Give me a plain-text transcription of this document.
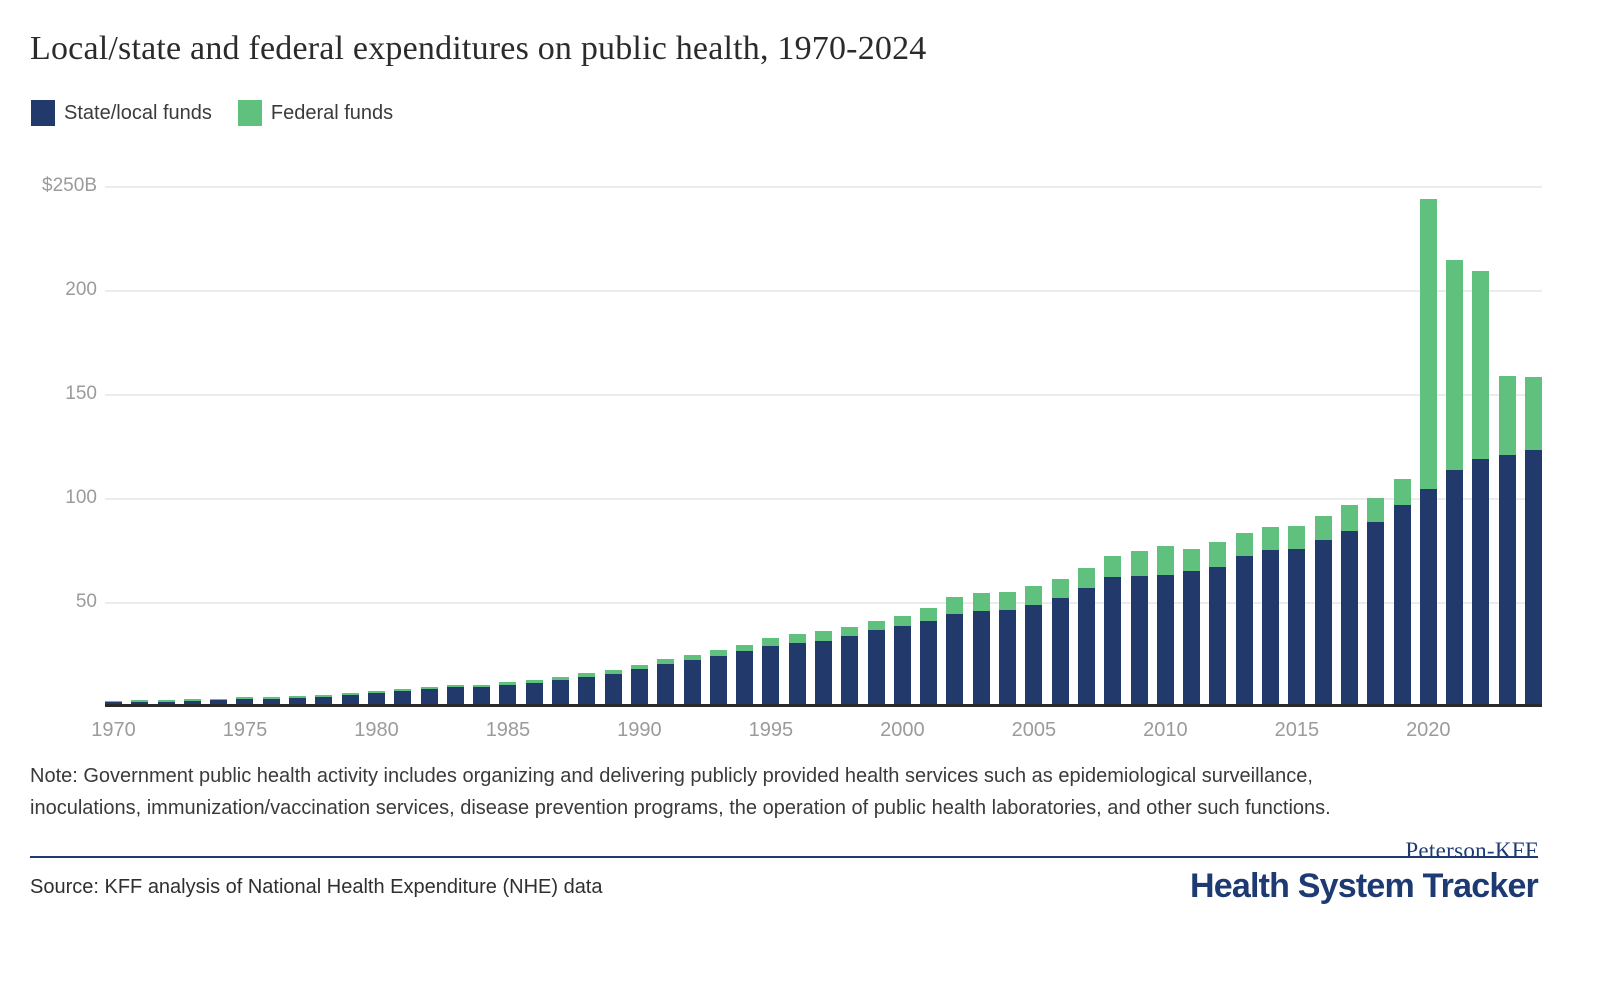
Local/state and federal expenditures on public health, 1970-2024
State/local funds	Federal funds
$250B
200
150
100
50
1970	1975	1980	1985	1990	1995	2000	2005	2010	2015	2020
Note: Government public health activity includes organizing and delivering publicly provided health services such as epidemiological surveillance,
inoculations, immunization/vaccination services, disease prevention programs, the operation of public health laboratories, and other such functions.
Source: KFF analysis of National Health Expenditure (NHE) data
Peterson-KFF
Health System Tracker
